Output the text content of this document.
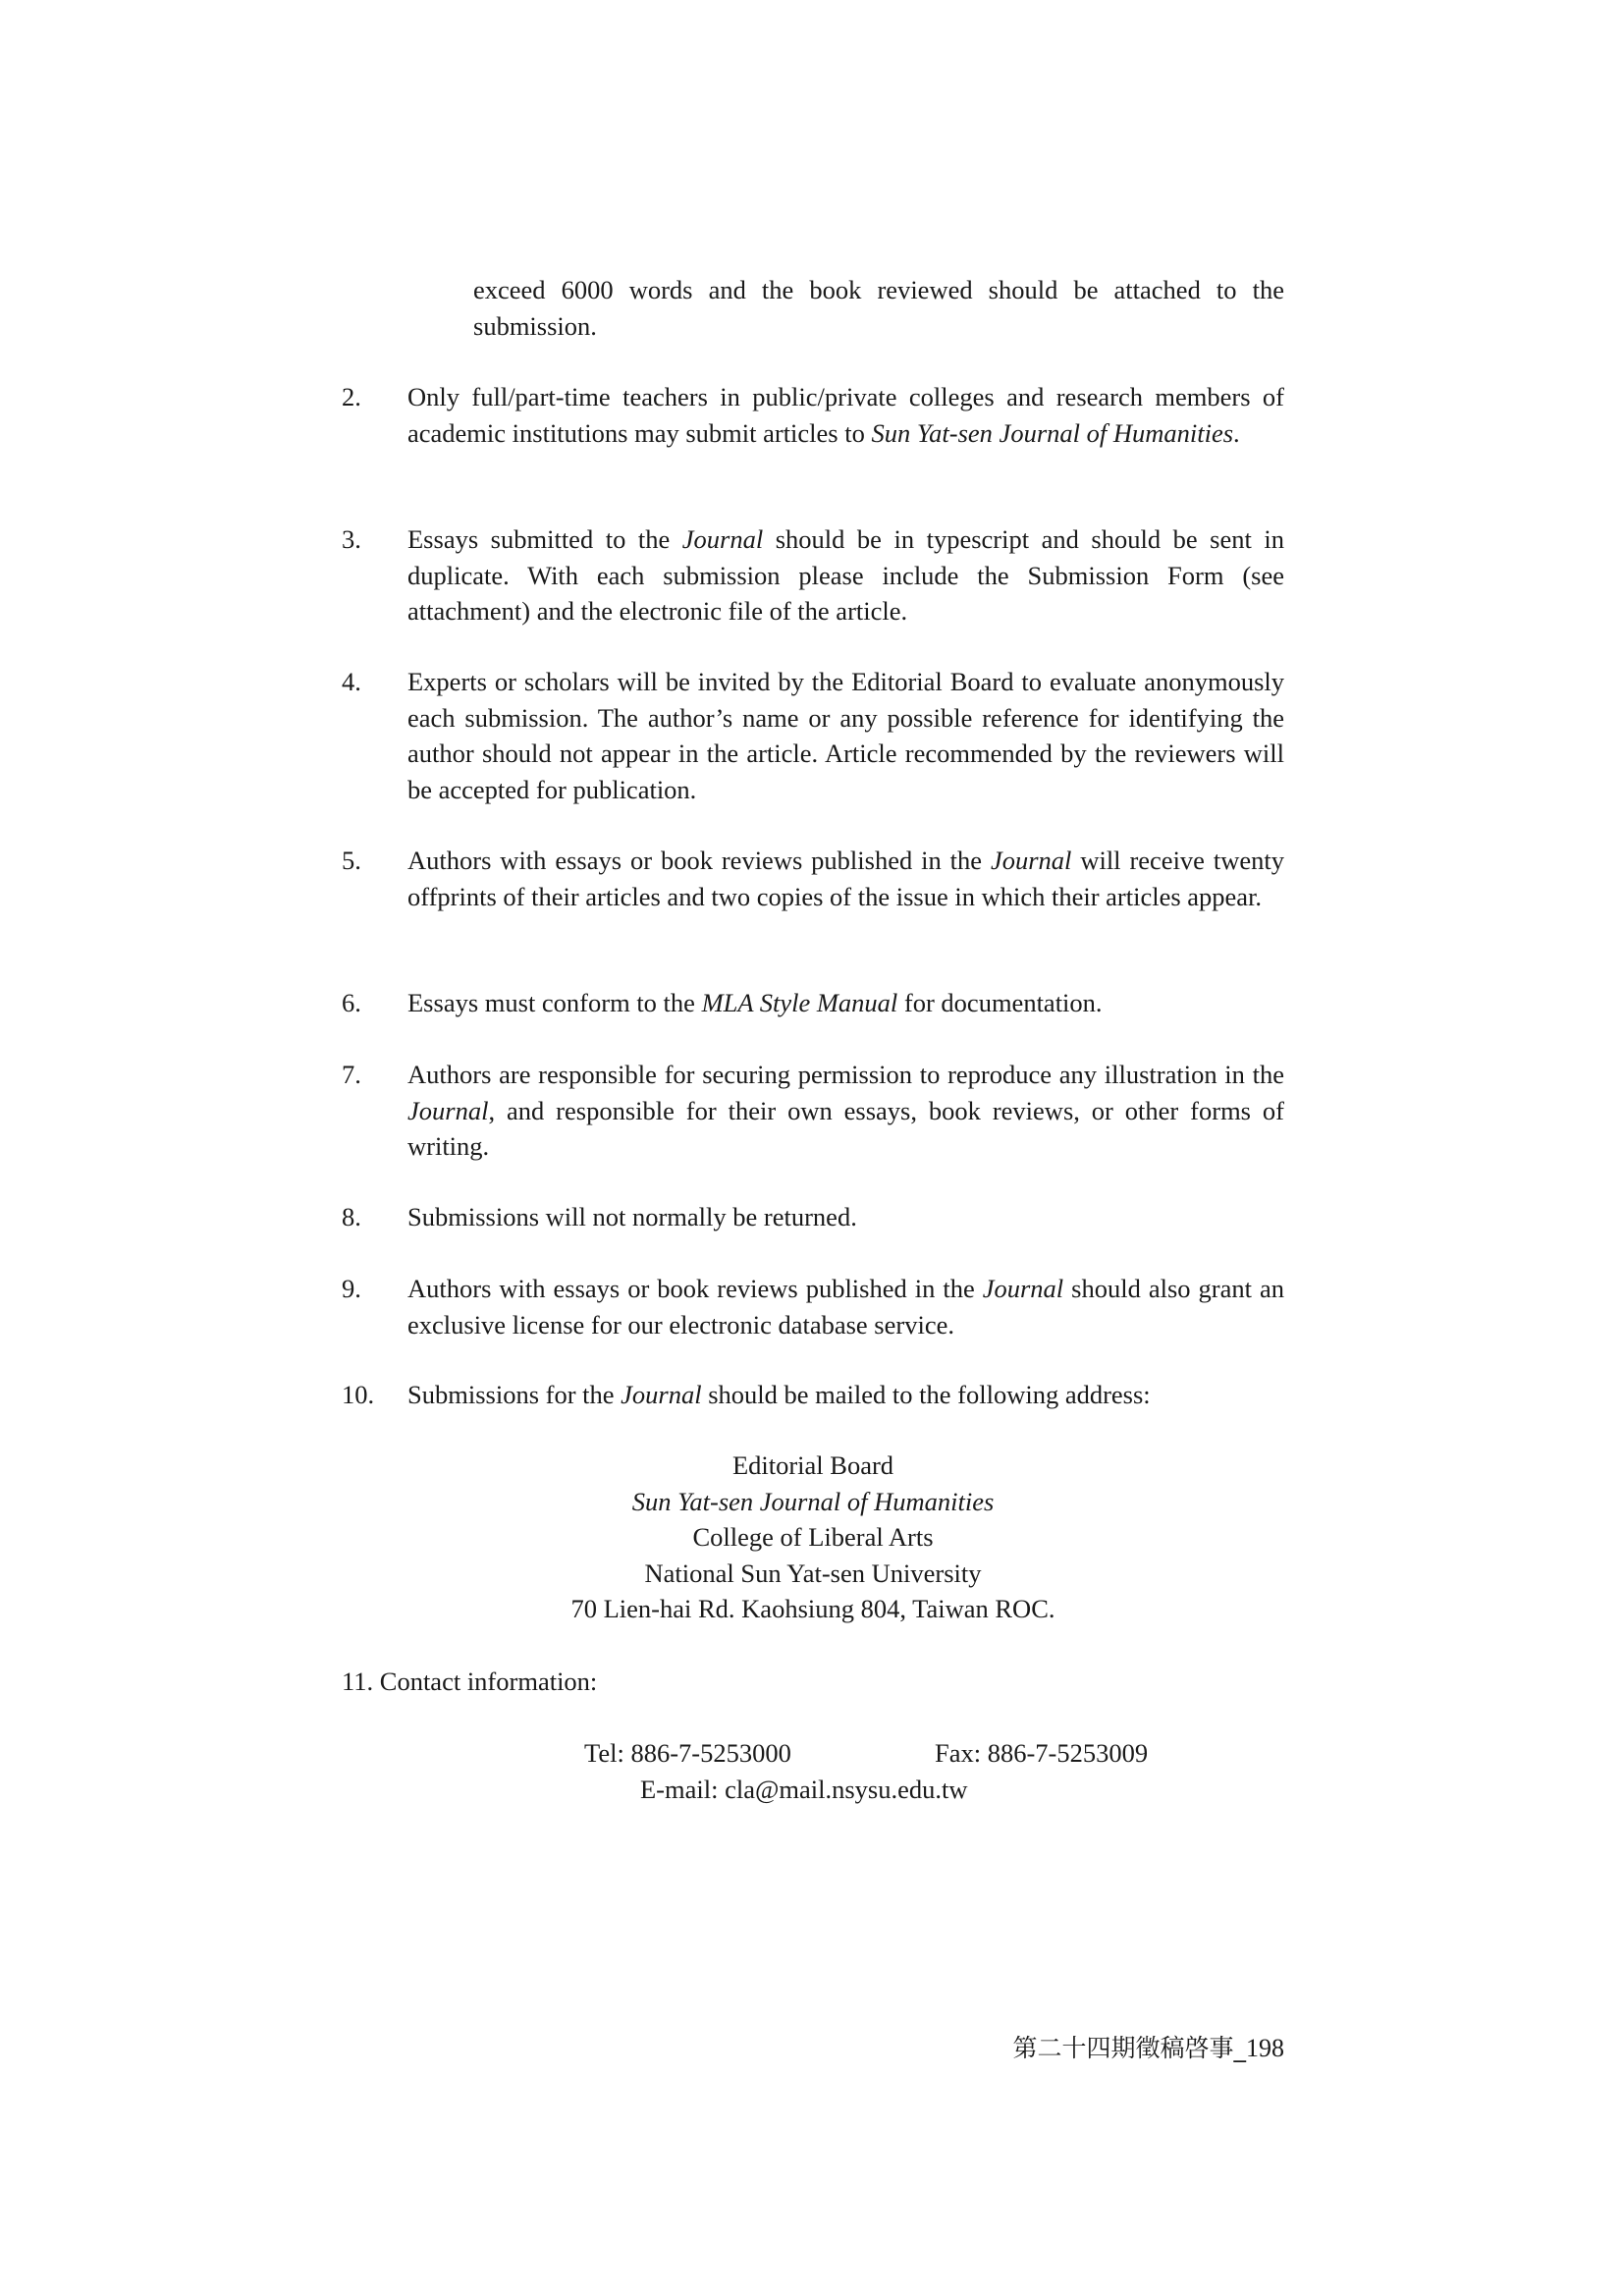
exceed 6000 words and the book reviewed should be attached to the submission.
2.	Only full/part-time teachers in public/private colleges and research members of academic institutions may submit articles to Sun Yat-sen Journal of Humanities.
3.	Essays submitted to the Journal should be in typescript and should be sent in duplicate. With each submission please include the Submission Form (see attachment) and the electronic file of the article.
4.	Experts or scholars will be invited by the Editorial Board to evaluate anonymously each submission. The author’s name or any possible reference for identifying the author should not appear in the article. Article recommended by the reviewers will be accepted for publication.
5.	Authors with essays or book reviews published in the Journal will receive twenty offprints of their articles and two copies of the issue in which their articles appear.
6.	Essays must conform to the MLA Style Manual for documentation.
7.	Authors are responsible for securing permission to reproduce any illustration in the Journal, and responsible for their own essays, book reviews, or other forms of writing.
8.	Submissions will not normally be returned.
9.	Authors with essays or book reviews published in the Journal should also grant an exclusive license for our electronic database service.
10.	Submissions for the Journal should be mailed to the following address:
Editorial Board
Sun Yat-sen Journal of Humanities
College of Liberal Arts
National Sun Yat-sen University
70 Lien-hai Rd. Kaohsiung 804, Taiwan ROC.
11. Contact information:
Tel: 886-7-5253000	Fax: 886-7-5253009
E-mail: cla@mail.nsysu.edu.tw
第二十四期徵稿啓事_198
